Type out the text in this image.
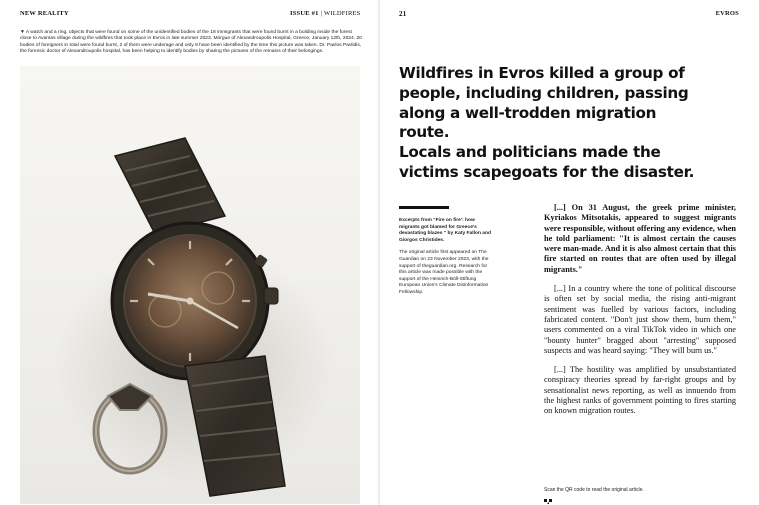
NEW REALITY	ISSUE #1 | WILDFIRES
▼ A watch and a ring, objects that were found on some of the unidentified bodies of the 18 immigrants that were found burnt in a building inside the forest close to Avantas village during the wildfires that took place in Evros in late summer 2023. Morgue of Alexandroupolis Hospital, Greece, January 12th, 2024. 20 bodies of foreigners in total were found burnt, 2 of them were underage and only 8 have been identified by the time this picture was taken. Dr. Pavlos Pavlidis, the forensic doctor of Alexandroupolis hospital, has been helping to identify bodies by sharing the pictures of the remains of their belongings.
21	EVROS

Wildfires in Evros killed a group of people, including children, passing along a well-trodden migration route.

Locals and politicians made the victims scapegoats for the disaster.

Excerpts from "Fire on fire': how migrants got blamed for Greece's devastating blazes " by Katy Fallon and Giorgos Christides.
The original article first appeared on The Guardian on 23 November 2023, with the support of theguardian.org. Research for this article was made possible with the support of the Heinrich-Böll-Stiftung European Union's Climate Disinformation Fellowship.

[...] On 31 August, the greek prime minister, Kyriakos Mitsotakis, appeared to suggest migrants were responsible, without offering any evidence, when he told parliament: "It is almost certain the causes were man-made. And it is also almost certain that this fire started on routes that are often used by illegal migrants."

[...] In a country where the tone of political discourse is often set by social media, the rising anti-migrant sentiment was fuelled by various factors, including fabricated content. "Don't just show them, burn them," users commented on a viral TikTok video in which one "bounty hunter" bragged about "arresting" supposed suspects and was heard saying: "They will burn us."

[...] The hostility was amplified by unsubstantiated conspiracy theories spread by far-right groups and by sensationalist news reporting, as well as innuendo from the highest ranks of government pointing to fires starting on known migration routes.

Scan the QR code to read the original article.
